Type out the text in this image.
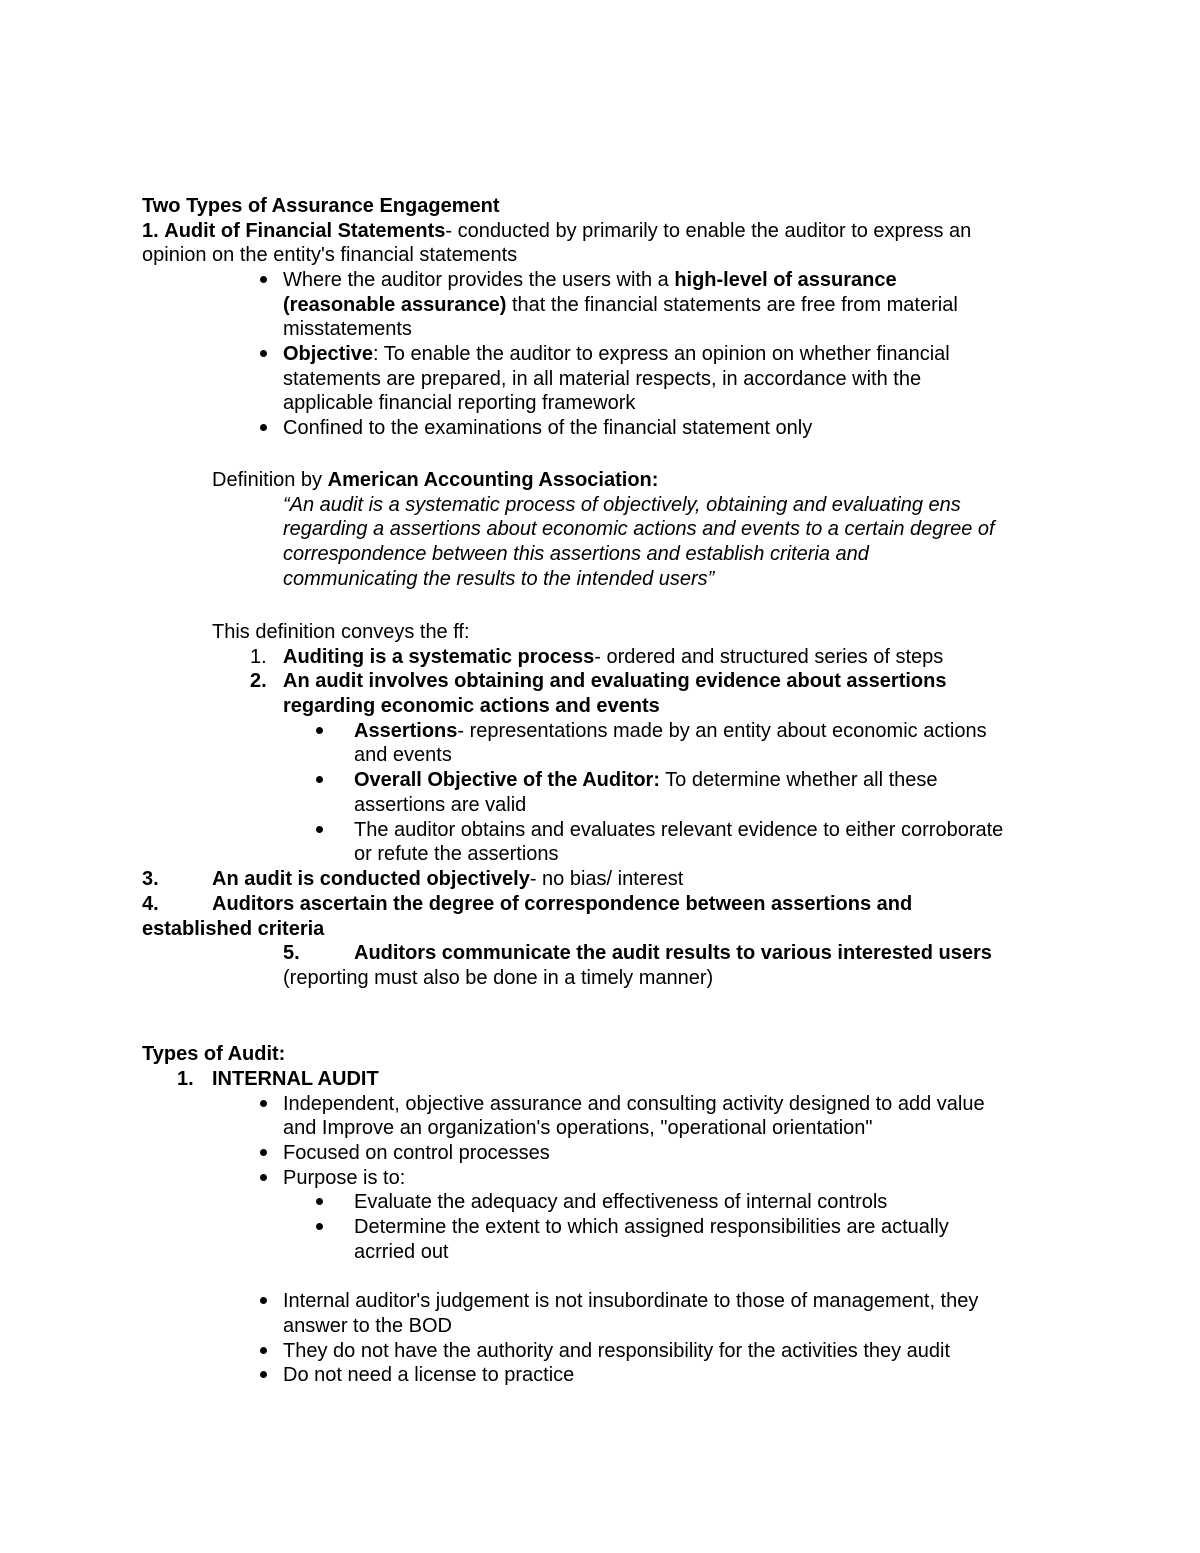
Two Types of Assurance Engagement
1. Audit of Financial Statements- conducted by primarily to enable the auditor to express an
opinion on the entity's financial statements
Where the auditor provides the users with a high-level of assurance
(reasonable assurance) that the financial statements are free from material
misstatements
Objective: To enable the auditor to express an opinion on whether financial
statements are prepared, in all material respects, in accordance with the
applicable financial reporting framework
Confined to the examinations of the financial statement only
Definition by American Accounting Association:
“An audit is a systematic process of objectively, obtaining and evaluating ens
regarding a assertions about economic actions and events to a certain degree of
correspondence between this assertions and establish criteria and
communicating the results to the intended users”
This definition conveys the ff:
1. Auditing is a systematic process- ordered and structured series of steps
2. An audit involves obtaining and evaluating evidence about assertions
regarding economic actions and events
Assertions- representations made by an entity about economic actions
and events
Overall Objective of the Auditor: To determine whether all these
assertions are valid
The auditor obtains and evaluates relevant evidence to either corroborate
or refute the assertions
3.	An audit is conducted objectively- no bias/ interest
4.	Auditors ascertain the degree of correspondence between assertions and
established criteria
5.	Auditors communicate the audit results to various interested users
(reporting must also be done in a timely manner)
Types of Audit:
1. INTERNAL AUDIT
Independent, objective assurance and consulting activity designed to add value
and Improve an organization's operations, "operational orientation"
Focused on control processes
Purpose is to:
Evaluate the adequacy and effectiveness of internal controls
Determine the extent to which assigned responsibilities are actually
acrried out
Internal auditor's judgement is not insubordinate to those of management, they
answer to the BOD
They do not have the authority and responsibility for the activities they audit
Do not need a license to practice
